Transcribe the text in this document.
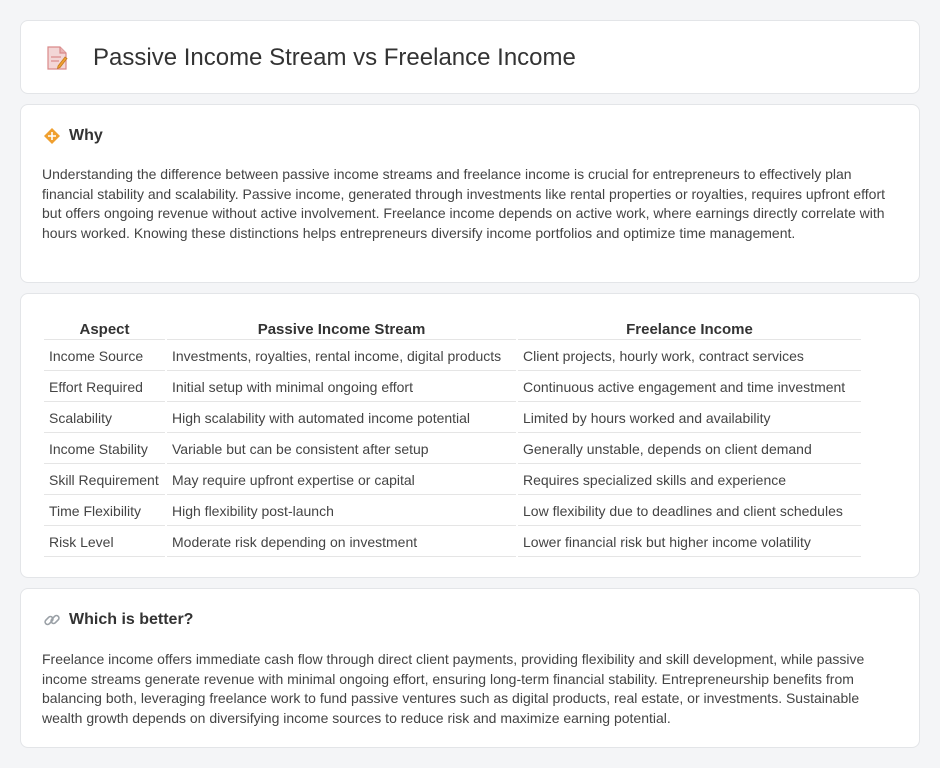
Passive Income Stream vs Freelance Income
Why

Understanding the difference between passive income streams and freelance income is crucial for entrepreneurs to effectively plan financial stability and scalability. Passive income, generated through investments like rental properties or royalties, requires upfront effort but offers ongoing revenue without active involvement. Freelance income depends on active work, where earnings directly correlate with hours worked. Knowing these distinctions helps entrepreneurs diversify income portfolios and optimize time management.

Aspect	Passive Income Stream	Freelance Income
Income Source	Investments, royalties, rental income, digital products	Client projects, hourly work, contract services
Effort Required	Initial setup with minimal ongoing effort	Continuous active engagement and time investment
Scalability	High scalability with automated income potential	Limited by hours worked and availability
Income Stability	Variable but can be consistent after setup	Generally unstable, depends on client demand
Skill Requirement	May require upfront expertise or capital	Requires specialized skills and experience
Time Flexibility	High flexibility post-launch	Low flexibility due to deadlines and client schedules
Risk Level	Moderate risk depending on investment	Lower financial risk but higher income volatility
Which is better?

Freelance income offers immediate cash flow through direct client payments, providing flexibility and skill development, while passive income streams generate revenue with minimal ongoing effort, ensuring long-term financial stability. Entrepreneurship benefits from balancing both, leveraging freelance work to fund passive ventures such as digital products, real estate, or investments. Sustainable wealth growth depends on diversifying income sources to reduce risk and maximize earning potential.
